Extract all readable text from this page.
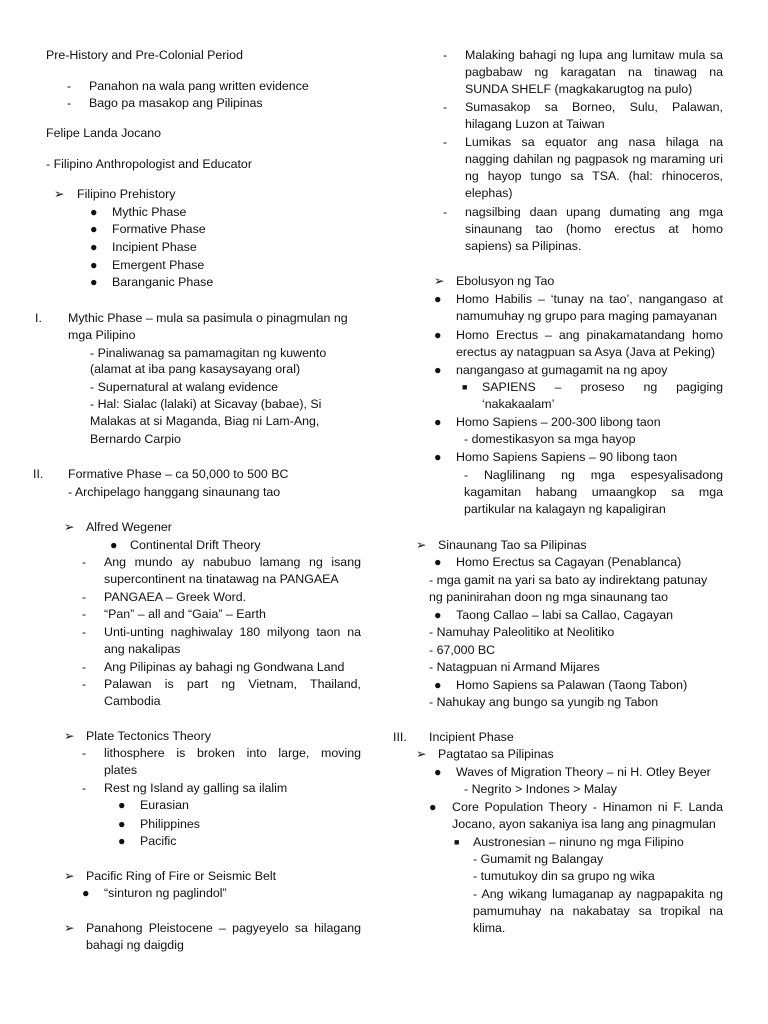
Pre-History and Pre-Colonial Period
- Panahon na wala pang written evidence
- Bago pa masakop ang Pilipinas
Felipe Landa Jocano
- Filipino Anthropologist and Educator
➢ Filipino Prehistory
● Mythic Phase
● Formative Phase
● Incipient Phase
● Emergent Phase
● Baranganic Phase
I. Mythic Phase – mula sa pasimula o pinagmulan ng
mga Pilipino
- Pinaliwanag sa pamamagitan ng kuwento
(alamat at iba pang kasaysayang oral)
- Supernatural at walang evidence
- Hal: Sialac (lalaki) at Sicavay (babae), Si
Malakas at si Maganda, Biag ni Lam-Ang,
Bernardo Carpio
II. Formative Phase – ca 50,000 to 500 BC
- Archipelago hanggang sinaunang tao
➢ Alfred Wegener
● Continental Drift Theory
- Ang mundo ay nabubuo lamang ng isang
supercontinent na tinatawag na PANGAEA
- PANGAEA – Greek Word.
- “Pan” – all and “Gaia” – Earth
- Unti-unting naghiwalay 180 milyong taon na
ang nakalipas
- Ang Pilipinas ay bahagi ng Gondwana Land
- Palawan is part ng Vietnam, Thailand,
Cambodia
➢ Plate Tectonics Theory
- lithosphere is broken into large, moving
plates
- Rest ng Island ay galling sa ilalim
● Eurasian
● Philippines
● Pacific
➢ Pacific Ring of Fire or Seismic Belt
● “sinturon ng paglindol”
➢ Panahong Pleistocene – pagyeyelo sa hilagang
bahagi ng daigdig
- Malaking bahagi ng lupa ang lumitaw mula sa
pagbabaw ng karagatan na tinawag na
SUNDA SHELF (magkakarugtog na pulo)
- Sumasakop sa Borneo, Sulu, Palawan,
hilagang Luzon at Taiwan
- Lumikas sa equator ang nasa hilaga na
nagging dahilan ng pagpasok ng maraming uri
ng hayop tungo sa TSA. (hal: rhinoceros,
elephas)
- nagsilbing daan upang dumating ang mga
sinaunang tao (homo erectus at homo
sapiens) sa Pilipinas.
➢ Ebolusyon ng Tao
● Homo Habilis – ‘tunay na tao’, nangangaso at
namumuhay ng grupo para maging pamayanan
● Homo Erectus – ang pinakamatandang homo
erectus ay natagpuan sa Asya (Java at Peking)
● nangangaso at gumagamit na ng apoy
■ SAPIENS – proseso ng pagiging
‘nakakaalam’
● Homo Sapiens – 200-300 libong taon
- domestikasyon sa mga hayop
● Homo Sapiens Sapiens – 90 libong taon
- Naglilinang ng mga espesyalisadong
kagamitan habang umaangkop sa mga
partikular na kalagayn ng kapaligiran
➢ Sinaunang Tao sa Pilipinas
● Homo Erectus sa Cagayan (Penablanca)
- mga gamit na yari sa bato ay indirektang patunay
ng paninirahan doon ng mga sinaunang tao
● Taong Callao – labi sa Callao, Cagayan
- Namuhay Paleolitiko at Neolitiko
- 67,000 BC
- Natagpuan ni Armand Mijares
● Homo Sapiens sa Palawan (Taong Tabon)
- Nahukay ang bungo sa yungib ng Tabon
III. Incipient Phase
➢ Pagtatao sa Pilipinas
● Waves of Migration Theory – ni H. Otley Beyer
- Negrito > Indones > Malay
● Core Population Theory - Hinamon ni F. Landa
Jocano, ayon sakaniya isa lang ang pinagmulan
■ Austronesian – ninuno ng mga Filipino
- Gumamit ng Balangay
- tumutukoy din sa grupo ng wika
- Ang wikang lumaganap ay nagpapakita ng
pamumuhay na nakabatay sa tropikal na
klima.
